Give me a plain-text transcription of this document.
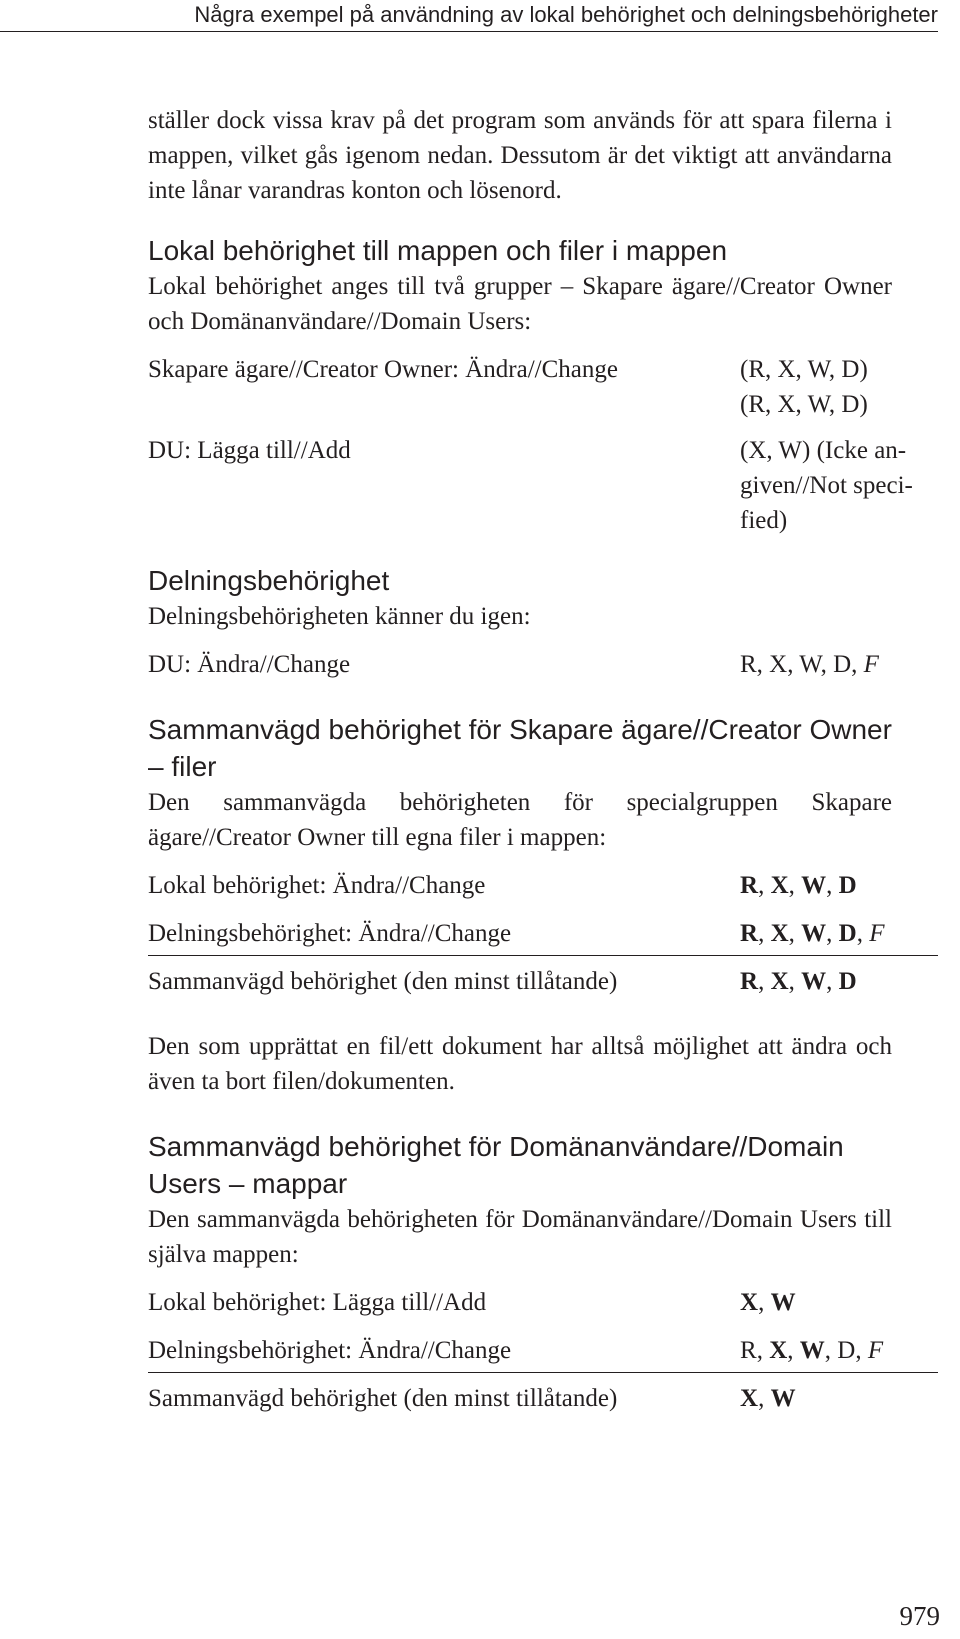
Några exempel på användning av lokal behörighet och delningsbehörigheter

ställer dock vissa krav på det program som används för att spara filerna i mappen, vilket gås igenom nedan. Dessutom är det viktigt att användarna inte lånar varandras konton och lösenord.

Lokal behörighet till mappen och filer i mappen

Lokal behörighet anges till två grupper – Skapare ägare//Creator Owner och Domänanvändare//Domain Users:

Skapare ägare//Creator Owner: Ändra//Change	(R, X, W, D)
(R, X, W, D)
DU: Lägga till//Add	(X, W) (Icke an-
given//Not speci-
fied)
Delningsbehörighet

Delningsbehörigheten känner du igen:

DU: Ändra//Change	R, X, W, D, F
Sammanvägd behörighet för Skapare ägare//Creator Owner – filer

Den sammanvägda behörigheten för specialgruppen Skapare ägare//Creator Owner till egna filer i mappen:

Lokal behörighet: Ändra//Change	R, X, W, D
Delningsbehörighet: Ändra//Change	R, X, W, D, F
Sammanvägd behörighet (den minst tillåtande)	R, X, W, D

Den som upprättat en fil/ett dokument har alltså möjlighet att ändra och även ta bort filen/dokumenten.

Sammanvägd behörighet för Domänanvändare//Domain Users – mappar

Den sammanvägda behörigheten för Domänanvändare//Domain Users till själva mappen:

Lokal behörighet: Lägga till//Add	X, W
Delningsbehörighet: Ändra//Change	R, X, W, D, F
Sammanvägd behörighet (den minst tillåtande)	X, W
979
